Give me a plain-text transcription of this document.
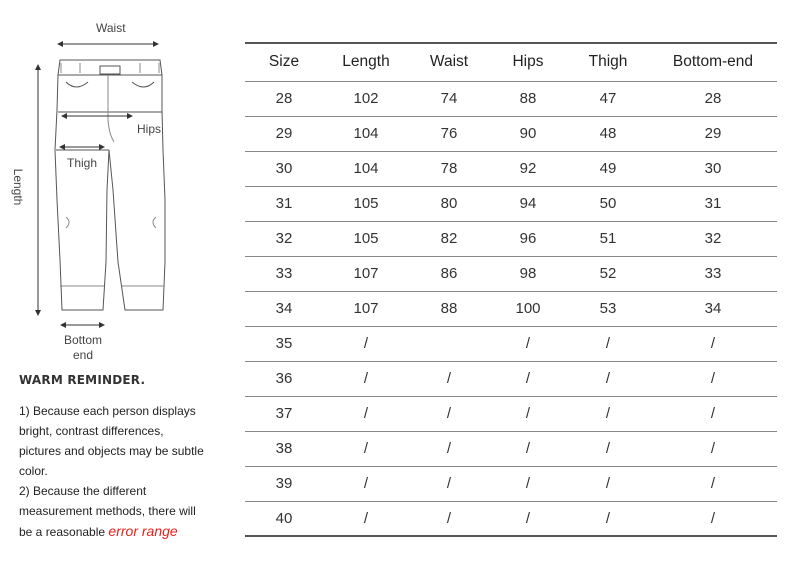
Waist
Hips
Thigh
Length
Bottom
end
WARM REMINDER.
1) Because each person displays
bright, contrast differences,
pictures and objects may be subtle
color.
2) Because the different
measurement methods, there will
be a reasonable error range
Size	Length	Waist	Hips	Thigh	Bottom-end
28	102	74	88	47	28
29	104	76	90	48	29
30	104	78	92	49	30
31	105	80	94	50	31
32	105	82	96	51	32
33	107	86	98	52	33
34	107	88	100	53	34
35	/		/	/	/
36	/	/	/	/	/
37	/	/	/	/	/
38	/	/	/	/	/
39	/	/	/	/	/
40	/	/	/	/	/
